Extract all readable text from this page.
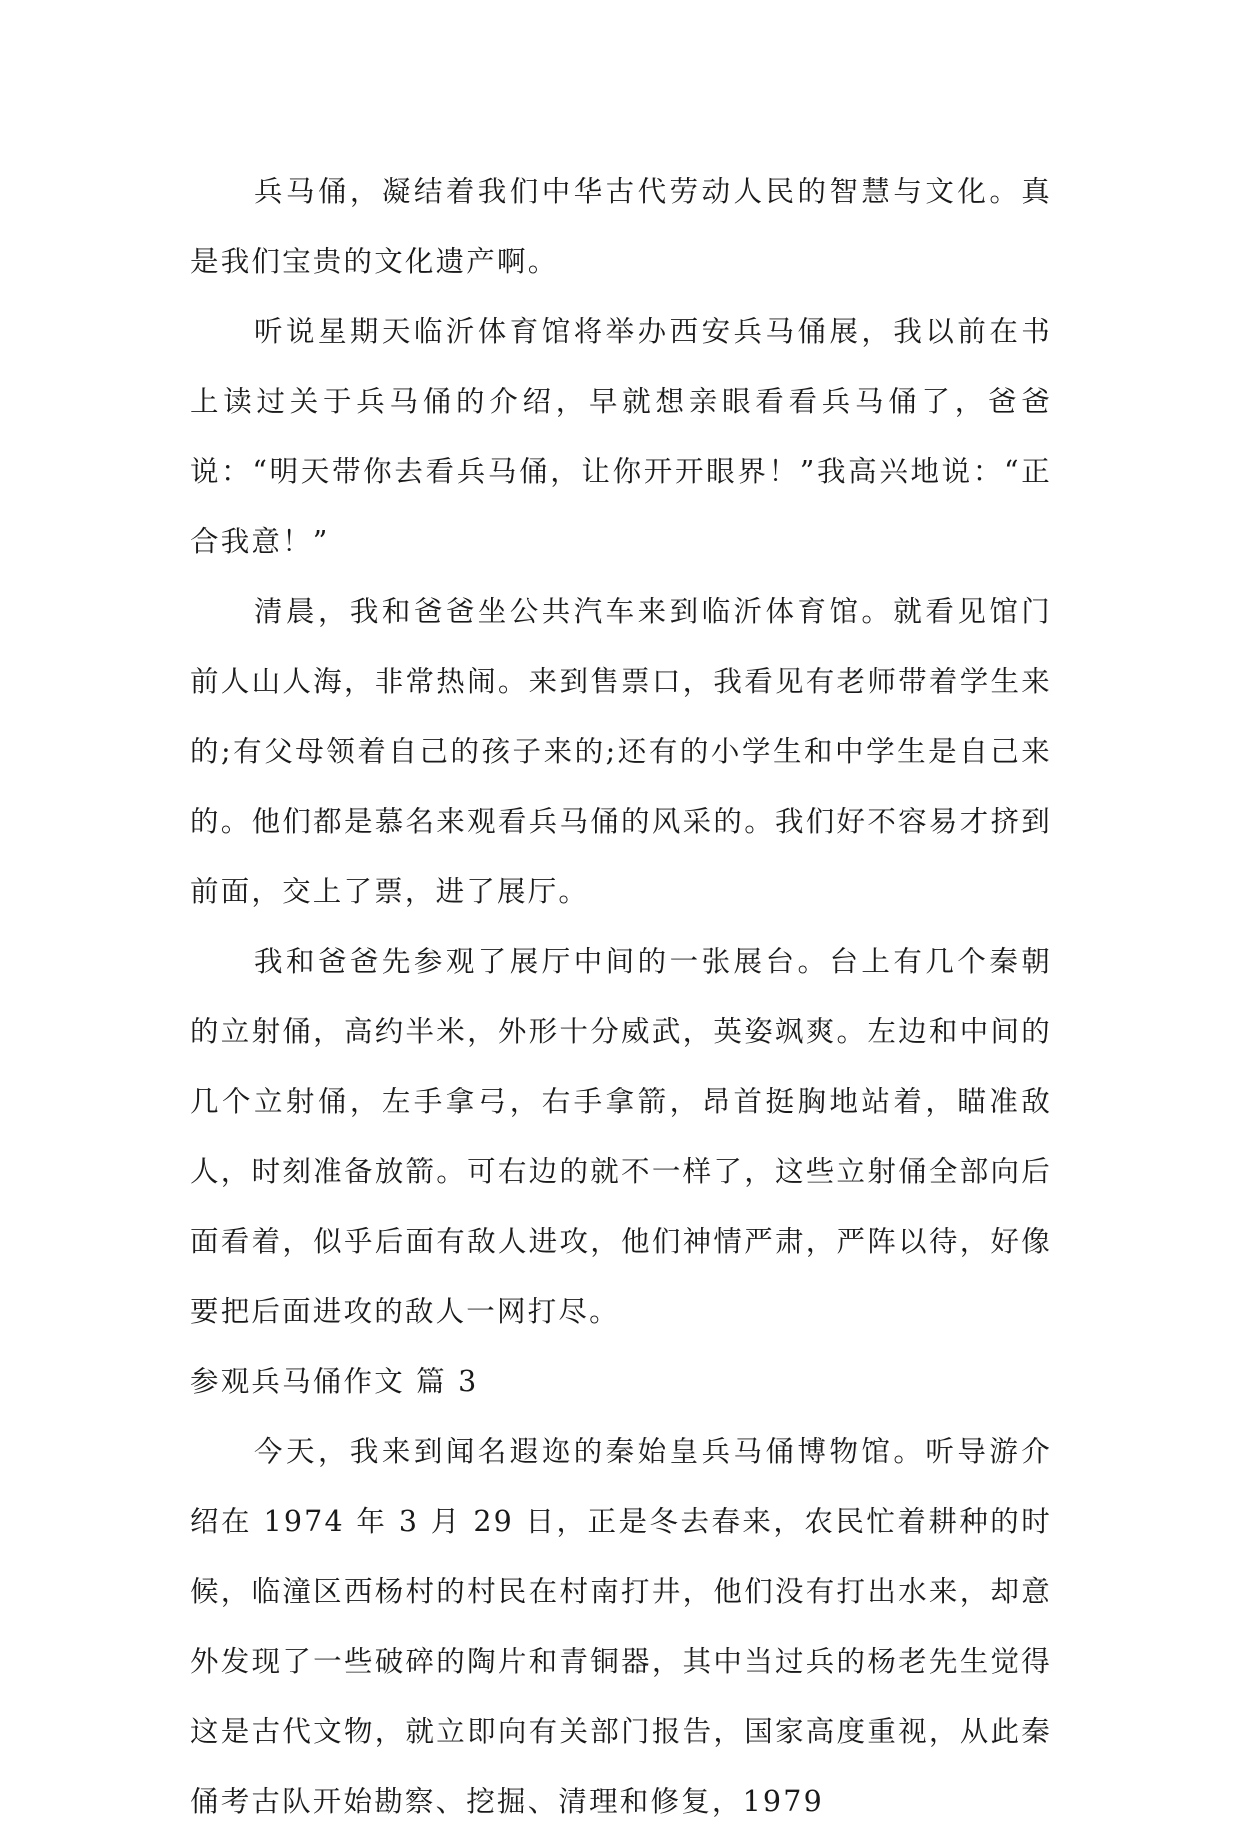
兵马俑，凝结着我们中华古代劳动人民的智慧与文化。真是我们宝贵的文化遗产啊。

听说星期天临沂体育馆将举办西安兵马俑展，我以前在书上读过关于兵马俑的介绍，早就想亲眼看看兵马俑了，爸爸说：“明天带你去看兵马俑，让你开开眼界！”我高兴地说：“正合我意！”

清晨，我和爸爸坐公共汽车来到临沂体育馆。就看见馆门前人山人海，非常热闹。来到售票口，我看见有老师带着学生来的;有父母领着自己的孩子来的;还有的小学生和中学生是自己来的。他们都是慕名来观看兵马俑的风采的。我们好不容易才挤到前面，交上了票，进了展厅。

我和爸爸先参观了展厅中间的一张展台。台上有几个秦朝的立射俑，高约半米，外形十分威武，英姿飒爽。左边和中间的几个立射俑，左手拿弓，右手拿箭，昂首挺胸地站着，瞄准敌人，时刻准备放箭。可右边的就不一样了，这些立射俑全部向后面看着，似乎后面有敌人进攻，他们神情严肃，严阵以待，好像要把后面进攻的敌人一网打尽。

参观兵马俑作文 篇 3

今天，我来到闻名遐迩的秦始皇兵马俑博物馆。听导游介绍在 1974 年 3 月 29 日，正是冬去春来，农民忙着耕种的时候，临潼区西杨村的村民在村南打井，他们没有打出水来，却意外发现了一些破碎的陶片和青铜器，其中当过兵的杨老先生觉得这是古代文物，就立即向有关部门报告，国家高度重视，从此秦俑考古队开始勘察、挖掘、清理和修复，1979
